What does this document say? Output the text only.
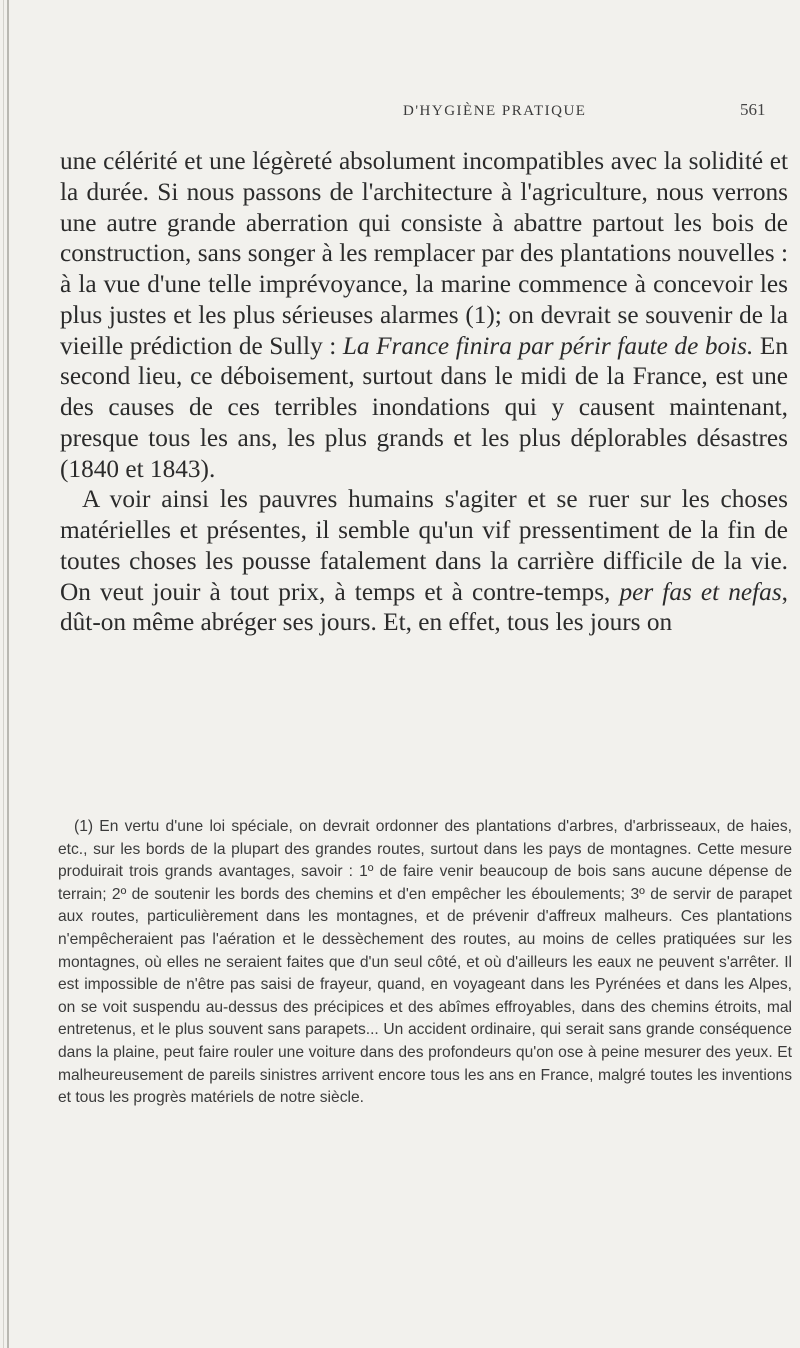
D'HYGIÈNE PRATIQUE	561

une célérité et une légèreté absolument incompatibles avec la solidité et la durée. Si nous passons de l'architecture à l'agriculture, nous verrons une autre grande aberration qui consiste à abattre partout les bois de construction, sans songer à les remplacer par des plantations nouvelles : à la vue d'une telle imprévoyance, la marine commence à concevoir les plus justes et les plus sérieuses alarmes (1); on devrait se souvenir de la vieille prédiction de Sully : La France finira par périr faute de bois. En second lieu, ce déboisement, surtout dans le midi de la France, est une des causes de ces terribles inondations qui y causent maintenant, presque tous les ans, les plus grands et les plus déplorables désastres (1840 et 1843).

A voir ainsi les pauvres humains s'agiter et se ruer sur les choses matérielles et présentes, il semble qu'un vif pressentiment de la fin de toutes choses les pousse fatalement dans la carrière difficile de la vie. On veut jouir à tout prix, à temps et à contre-temps, per fas et nefas, dût-on même abréger ses jours. Et, en effet, tous les jours on

(1) En vertu d'une loi spéciale, on devrait ordonner des plantations d'arbres, d'arbrisseaux, de haies, etc., sur les bords de la plupart des grandes routes, surtout dans les pays de montagnes. Cette mesure produirait trois grands avantages, savoir : 1º de faire venir beaucoup de bois sans aucune dépense de terrain; 2º de soutenir les bords des chemins et d'en empêcher les éboulements; 3º de servir de parapet aux routes, particulièrement dans les montagnes, et de prévenir d'affreux malheurs. Ces plantations n'empêcheraient pas l'aération et le dessèchement des routes, au moins de celles pratiquées sur les montagnes, où elles ne seraient faites que d'un seul côté, et où d'ailleurs les eaux ne peuvent s'arrêter. Il est impossible de n'être pas saisi de frayeur, quand, en voyageant dans les Pyrénées et dans les Alpes, on se voit suspendu au-dessus des précipices et des abîmes effroyables, dans des chemins étroits, mal entretenus, et le plus souvent sans parapets... Un accident ordinaire, qui serait sans grande conséquence dans la plaine, peut faire rouler une voiture dans des profondeurs qu'on ose à peine mesurer des yeux. Et malheureusement de pareils sinistres arrivent encore tous les ans en France, malgré toutes les inventions et tous les progrès matériels de notre siècle.
